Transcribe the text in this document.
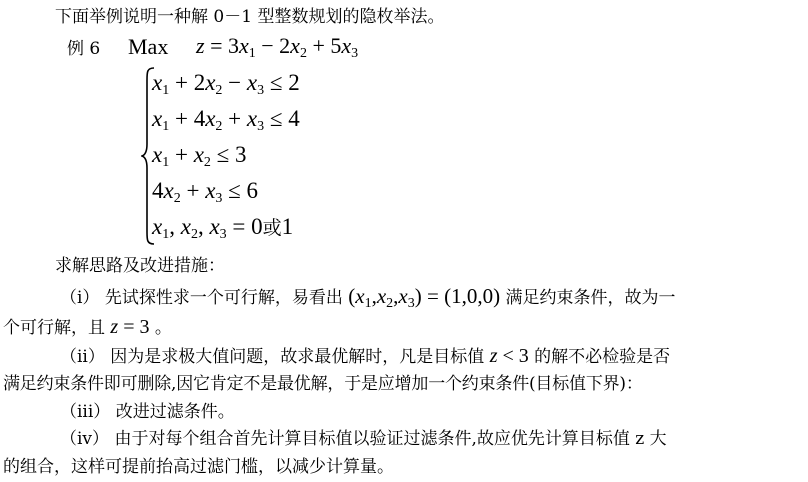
下面举例说明一种解 0－1 型整数规划的隐枚举法。
例 6 Max $z = 3x_1 - 2x_2 + 5x_3$
$x_1 + 2x_2 - x_3 \le 2$
$x_1 + 4x_2 + x_3 \le 4$
$x_1 + x_2 \le 3$
$4x_2 + x_3 \le 6$
$x_1$, $x_2$, $x_3 = 0$或1
求解思路及改进措施：
（i） 先试探性求一个可行解，易看出 $(x_1,x_2,x_3) = (1,0,0)$ 满足约束条件，故为一
个可行解，且 z = 3 。
（ii） 因为是求极大值问题，故求最优解时，凡是目标值 z < 3 的解不必检验是否
满足约束条件即可删除,因它肯定不是最优解，于是应增加一个约束条件(目标值下界)：
（iii） 改进过滤条件。
（iv） 由于对每个组合首先计算目标值以验证过滤条件,故应优先计算目标值 z 大
的组合，这样可提前抬高过滤门槛，以减少计算量。
